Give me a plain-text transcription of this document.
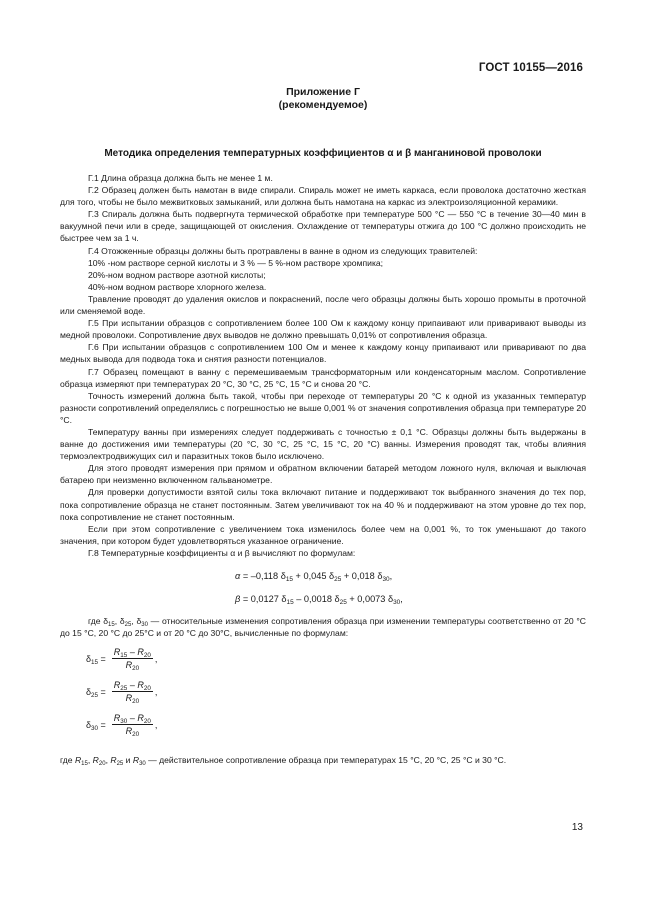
ГОСТ 10155—2016
Приложение Г
(рекомендуемое)
Методика определения температурных коэффициентов α и β манганиновой проволоки

Г.1 Длина образца должна быть не менее 1 м.

Г.2 Образец должен быть намотан в виде спирали. Спираль может не иметь каркаса, если проволока достаточно жесткая для того, чтобы не было межвитковых замыканий, или должна быть намотана на каркас из электроизоляционной керамики.

Г.3 Спираль должна быть подвергнута термической обработке при температуре 500 °С — 550 °С в течение 30—40 мин в вакуумной печи или в среде, защищающей от окисления. Охлаждение от температуры отжига до 100 °С должно происходить не быстрее чем за 1 ч.

Г.4 Отожженные образцы должны быть протравлены в ванне в одном из следующих травителей:

10% -ном растворе серной кислоты и 3 % — 5 %-ном растворе хромпика;

20%-ном водном растворе азотной кислоты;

40%-ном водном растворе хлорного железа.

Травление проводят до удаления окислов и покраснений, после чего образцы должны быть хорошо промыты в проточной или сменяемой воде.

Г.5 При испытании образцов с сопротивлением более 100 Ом к каждому концу припаивают или приваривают выводы из медной проволоки. Сопротивление двух выводов не должно превышать 0,01% от сопротивления образца.

Г.6 При испытании образцов с сопротивлением 100 Ом и менее к каждому концу припаивают или приваривают по два медных вывода для подвода тока и снятия разности потенциалов.

Г.7 Образец помещают в ванну с перемешиваемым трансформаторным или конденсаторным маслом. Сопротивление образца измеряют при температурах 20 °С, 30 °С, 25 °С, 15 °С и снова 20 °С.

Точность измерений должна быть такой, чтобы при переходе от температуры 20 °С к одной из указанных температур разности сопротивлений определялись с погрешностью не выше 0,001 % от значения сопротивления образца при температуре 20 °С.

Температуру ванны при измерениях следует поддерживать с точностью ± 0,1 °С. Образцы должны быть выдержаны в ванне до достижения ими температуры (20 °С, 30 °С, 25 °С, 15 °С, 20 °С) ванны. Измерения проводят так, чтобы влияния термоэлектродвижущих сил и паразитных токов было исключено.

Для этого проводят измерения при прямом и обратном включении батарей методом ложного нуля, включая и выключая батарею при неизменно включенном гальванометре.

Для проверки допустимости взятой силы тока включают питание и поддерживают ток выбранного значения до тех пор, пока сопротивление образца не станет постоянным. Затем увеличивают ток на 40 % и поддерживают на этом уровне до тех пор, пока сопротивление не станет постоянным.

Если при этом сопротивление с увеличением тока изменилось более чем на 0,001 %, то ток уменьшают до такого значения, при котором будет удовлетворяться указанное ограничение.

Г.8 Температурные коэффициенты α и β вычисляют по формулам:

α = –0,118 $\delta_{15} + 0,045$ $\delta_{25} + 0,018$ $\delta_{30}$,
β = 0,0127 $\delta_{15} - 0,0018$ $\delta_{25} + 0,0073$ $\delta_{30}$,

где $\delta_{15}$, $\delta_{25}$, $\delta_{30}$ — относительные изменения сопротивления образца при изменении температуры соответственно от 20 °С до 15 °С, 20 °С до 25°С и от 20 °С до 30°С, вычисленные по формулам:

$\delta_{15} = \frac{R_{15} - R_{20}}{R_{20}}$ ,
$\delta_{25} = \frac{R_{25} - R_{20}}{R_{20}}$ ,
$\delta_{30} = \frac{R_{30} - R_{20}}{R_{20}}$ ,
где $R_{15}$, $R_{20}$, $R_{25}$ и $R_{30}$ — действительное сопротивление образца при температурах 15 °С, 20 °С, 25 °С и 30 °С.
13
